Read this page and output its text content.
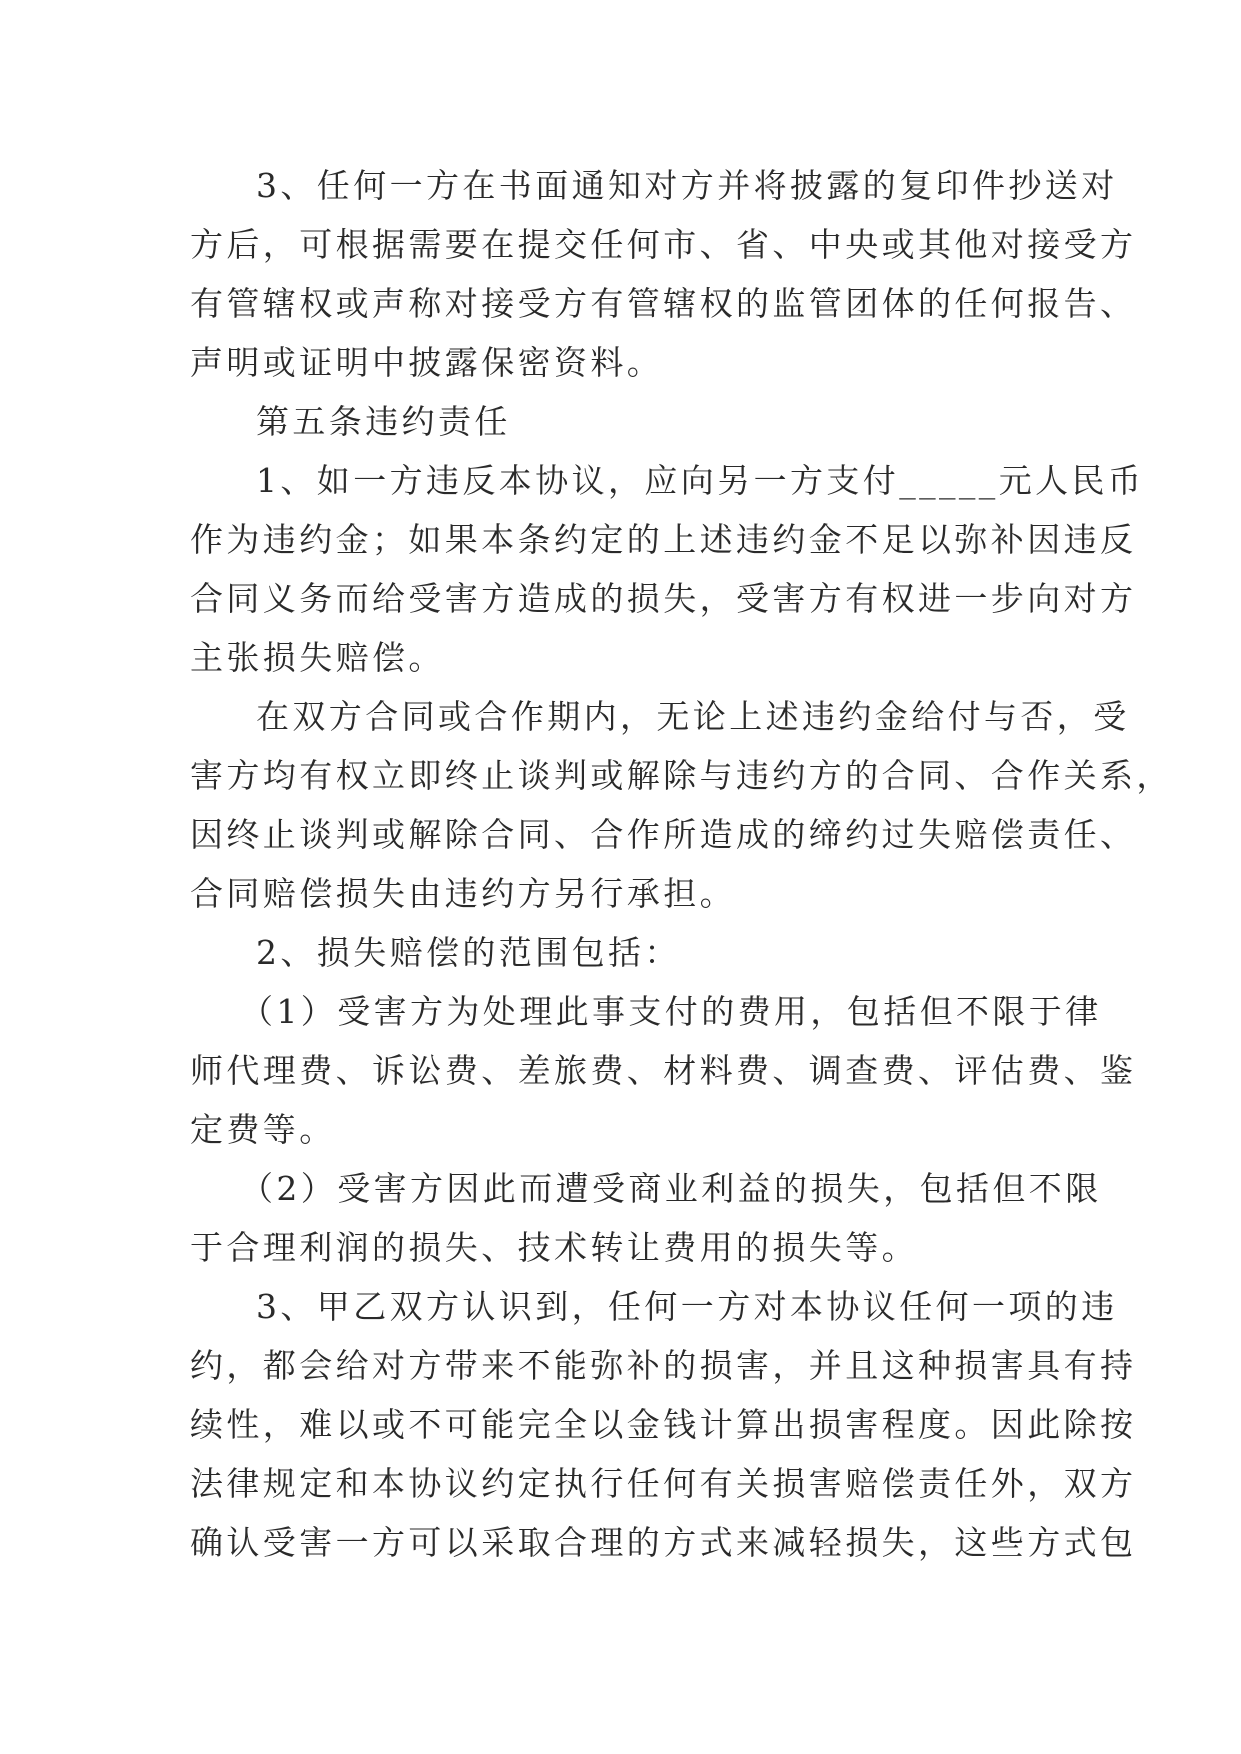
3、任何一方在书面通知对方并将披露的复印件抄送对
方后，可根据需要在提交任何市、省、中央或其他对接受方
有管辖权或声称对接受方有管辖权的监管团体的任何报告、
声明或证明中披露保密资料。

第五条违约责任

1、如一方违反本协议，应向另一方支付_____元人民币
作为违约金；如果本条约定的上述违约金不足以弥补因违反
合同义务而给受害方造成的损失，受害方有权进一步向对方
主张损失赔偿。

在双方合同或合作期内，无论上述违约金给付与否，受
害方均有权立即终止谈判或解除与违约方的合同、合作关系，
因终止谈判或解除合同、合作所造成的缔约过失赔偿责任、
合同赔偿损失由违约方另行承担。

2、损失赔偿的范围包括：

（1）受害方为处理此事支付的费用，包括但不限于律
师代理费、诉讼费、差旅费、材料费、调查费、评估费、鉴
定费等。

（2）受害方因此而遭受商业利益的损失，包括但不限
于合理利润的损失、技术转让费用的损失等。

3、甲乙双方认识到，任何一方对本协议任何一项的违
约，都会给对方带来不能弥补的损害，并且这种损害具有持
续性，难以或不可能完全以金钱计算出损害程度。因此除按
法律规定和本协议约定执行任何有关损害赔偿责任外，双方
确认受害一方可以采取合理的方式来减轻损失，这些方式包
